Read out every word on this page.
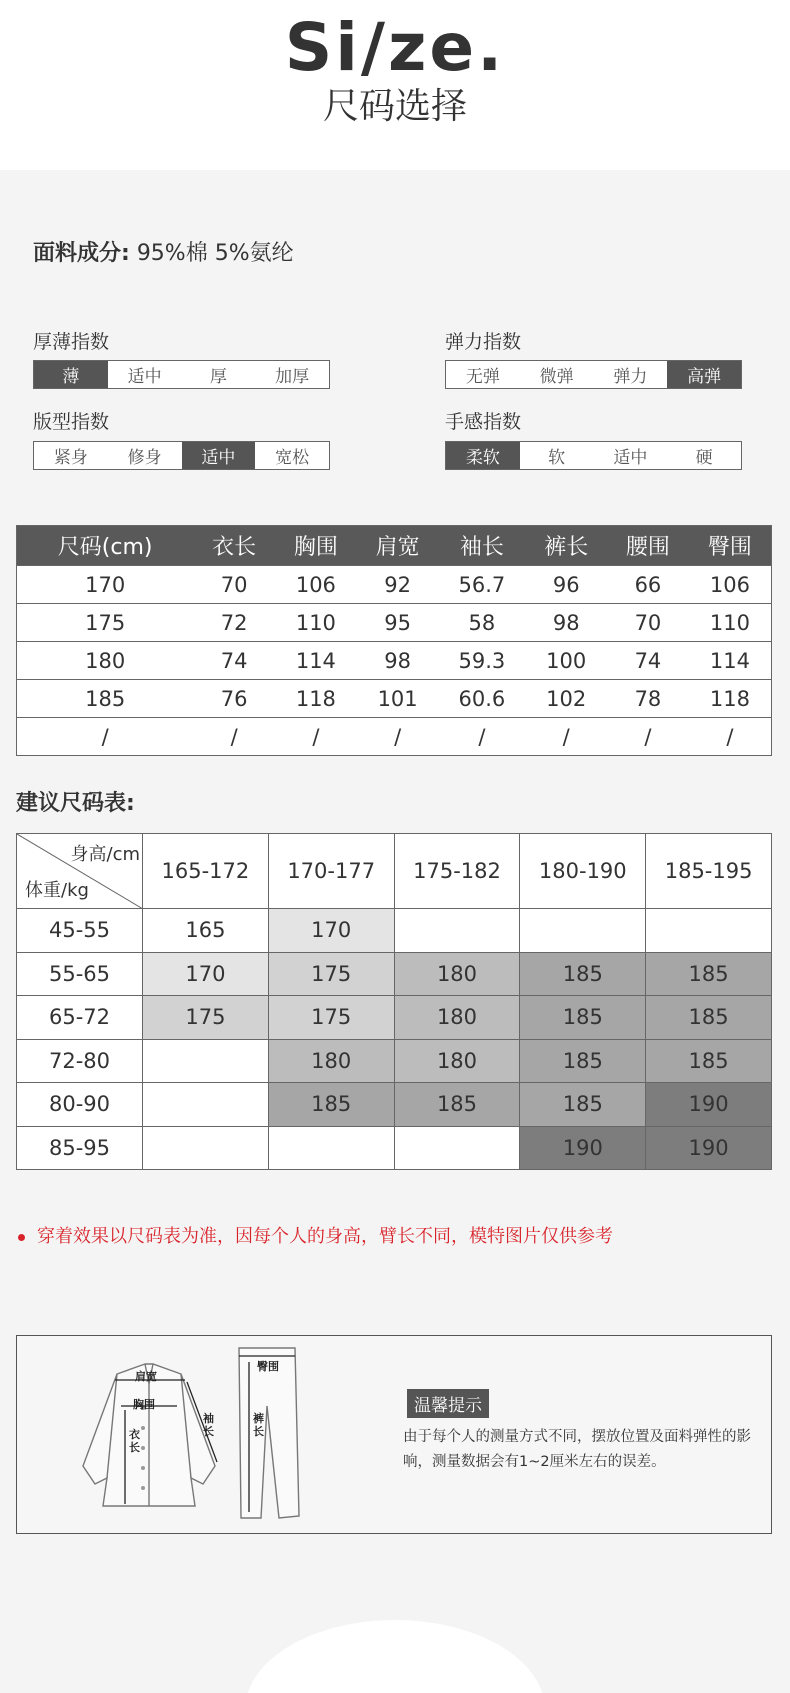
Si/ze.
尺码选择
面料成分: 95%棉 5%氨纶
厚薄指数
薄	适中	厚	加厚
弹力指数
无弹	微弹	弹力	高弹
版型指数
紧身	修身	适中	宽松
手感指数
柔软	软	适中	硬
尺码(cm)	衣长	胸围	肩宽	袖长	裤长	腰围	臀围
170	70	106	92	56.7	96	66	106
175	72	110	95	58	98	70	110
180	74	114	98	59.3	100	74	114
185	76	118	101	60.6	102	78	118
/	/	/	/	/	/	/	/
建议尺码表:
身高/cm
体重/kg	165-172	170-177	175-182	180-190	185-195
45-55	165	170			
55-65	170	175	180	185	185
65-72	175	175	180	185	185
72-80		180	180	185	185
80-90		185	185	185	190
85-95				190	190
穿着效果以尺码表为准，因每个人的身高，臂长不同，模特图片仅供参考
肩宽
胸围
衣长
袖长
臀围
裤长
温馨提示
由于每个人的测量方式不同，摆放位置及面料弹性的影响，测量数据会有1~2厘米左右的误差。
